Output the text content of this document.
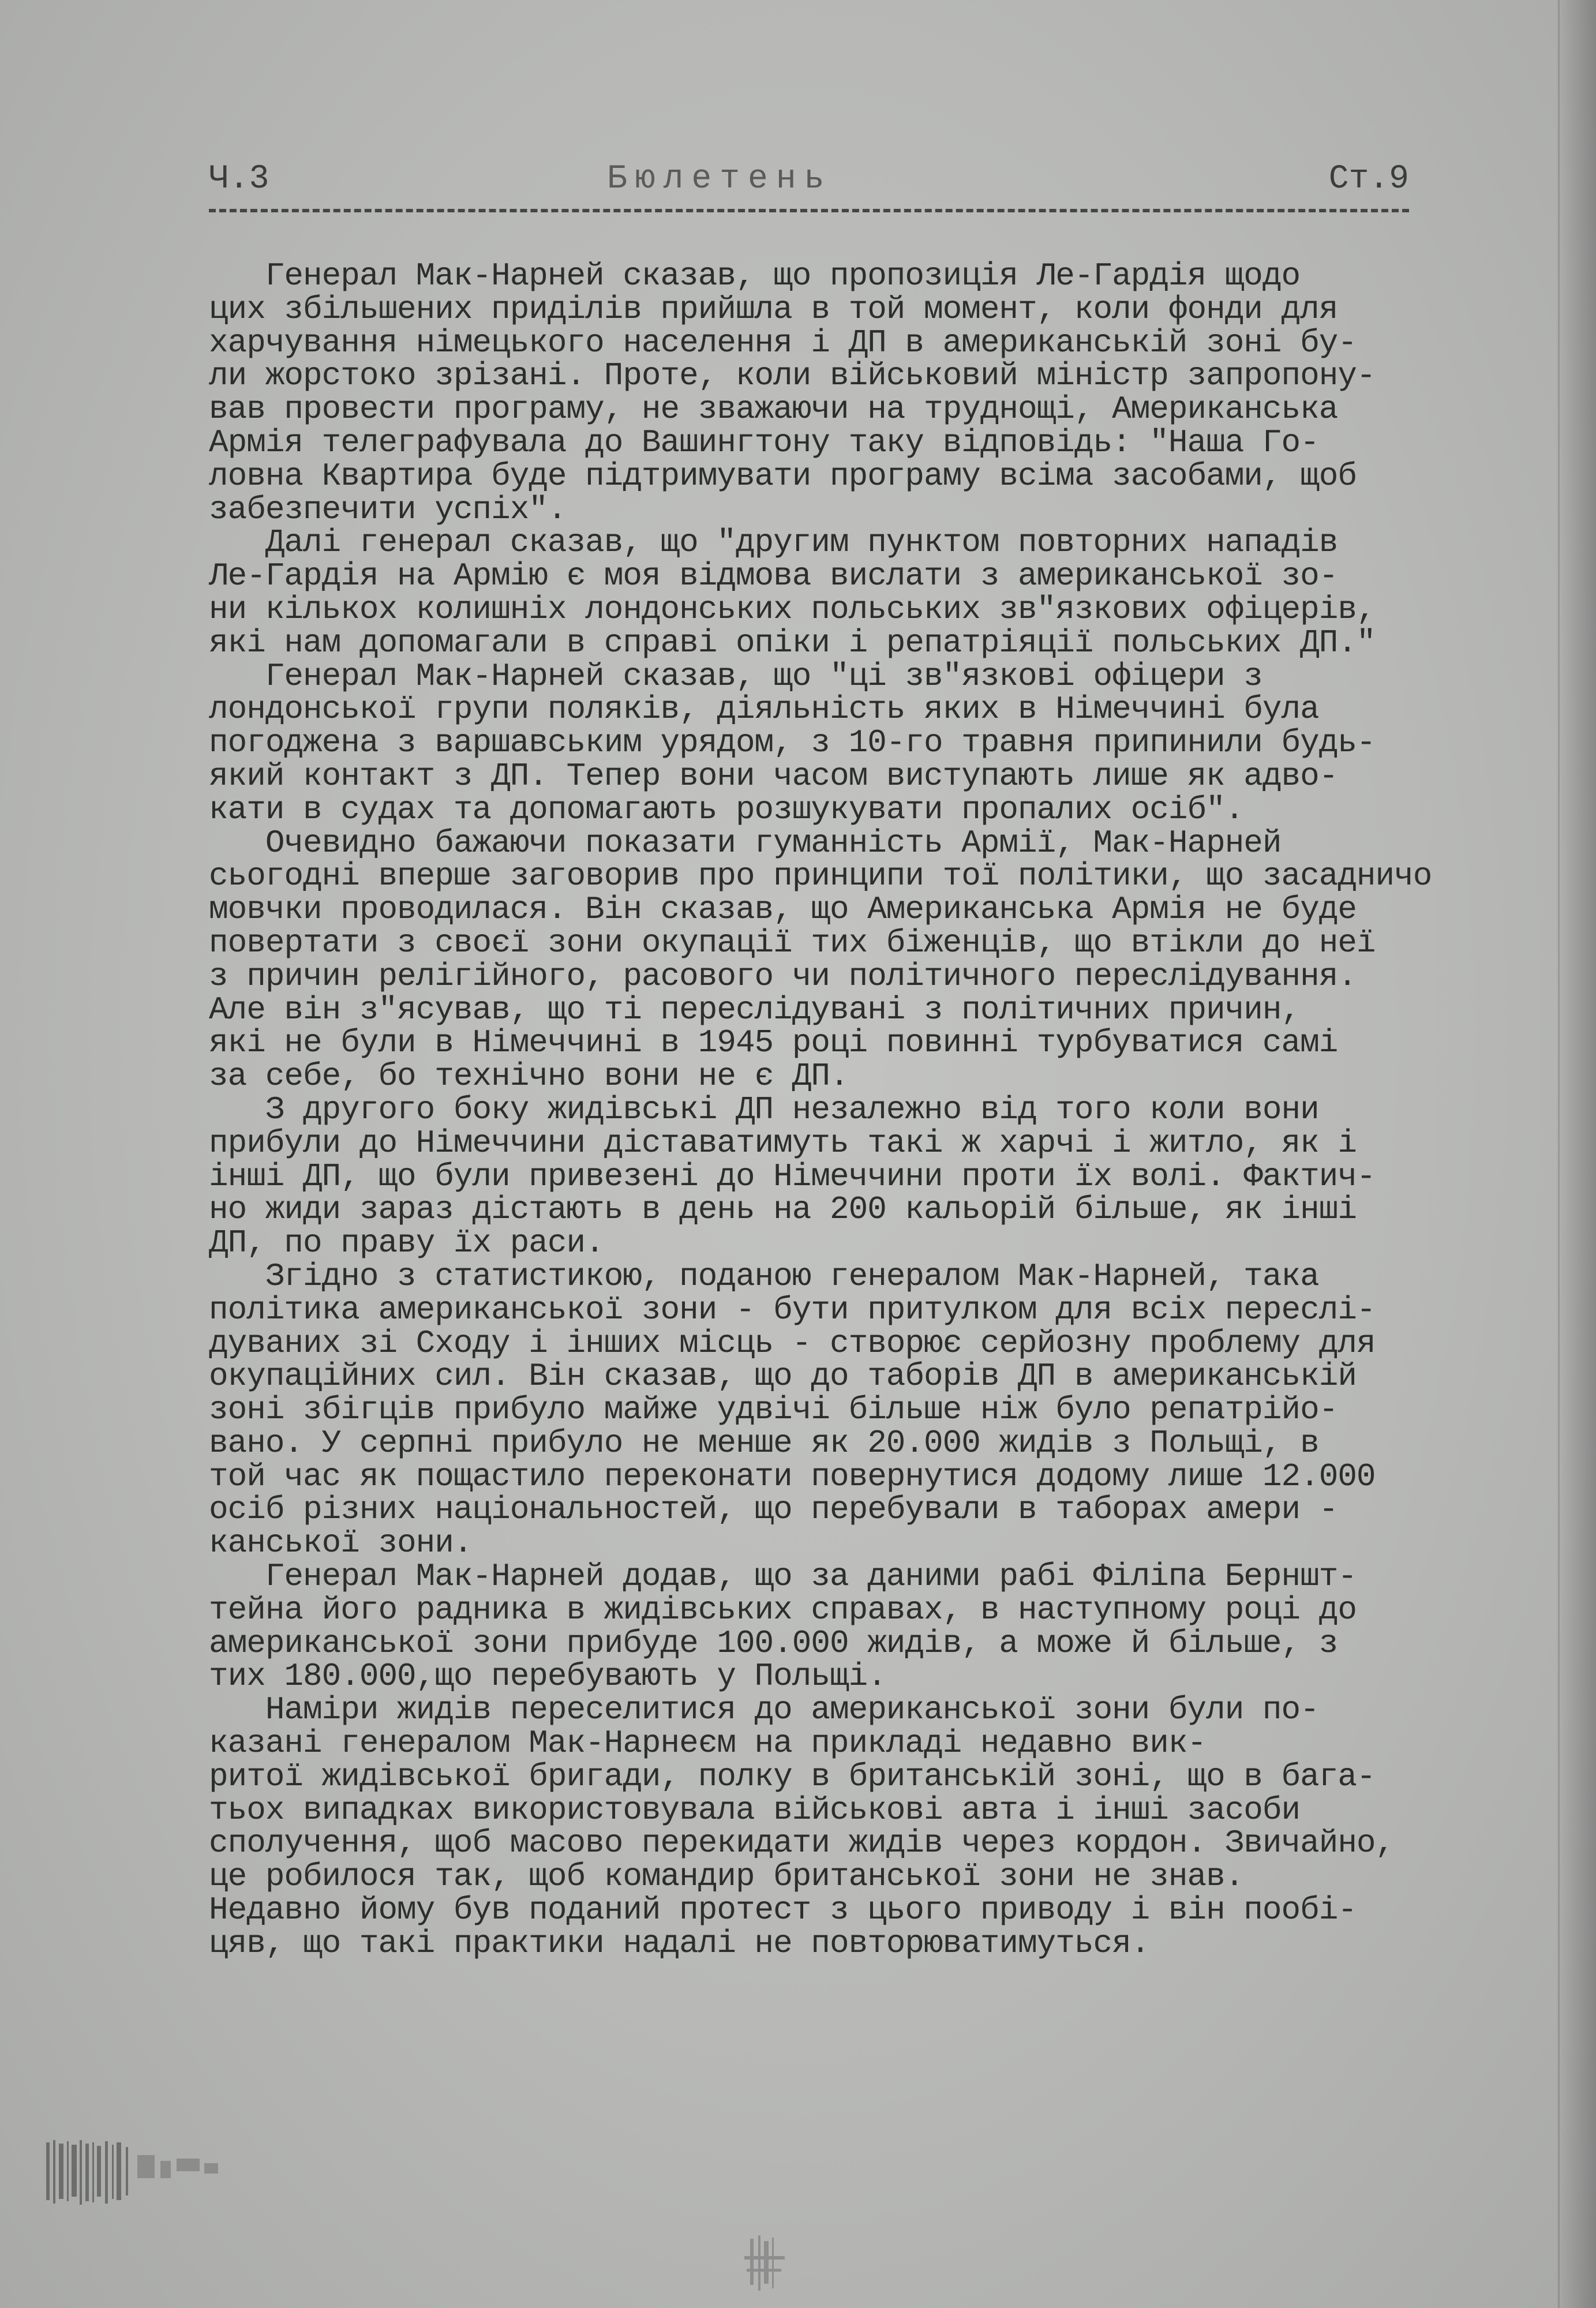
Ч.3	Бюлетень	Ст.9
Генерал Мак-Нарней сказав, що пропозиція Ле-Гардія щодо
цих збільшених приділів прийшла в той момент, коли фонди для
харчування німецького населення і ДП в американській зоні бу-
ли жорстоко зрізані. Проте, коли військовий міністр запропону-
вав провести програму, не зважаючи на труднощі, Американська
Армія телеграфувала до Вашингтону таку відповідь: "Наша Го-
ловна Квартира буде підтримувати програму всіма засобами, щоб
забезпечити успіх".
Далі генерал сказав, що "другим пунктом повторних нападів
Ле-Гардія на Армію є моя відмова вислати з американської зо-
ни кількох колишніх лондонських польських зв"язкових офіцерів,
які нам допомагали в справі опіки і репатріяції польських ДП."
Генерал Мак-Нарней сказав, що "ці зв"язкові офіцери з
лондонської групи поляків, діяльність яких в Німеччині була
погоджена з варшавським урядом, з 10-го травня припинили будь-
який контакт з ДП. Тепер вони часом виступають лише як адво-
кати в судах та допомагають розшукувати пропалих осіб".
Очевидно бажаючи показати гуманність Армії, Мак-Нарней
сьогодні вперше заговорив про принципи тої політики, що засадничо
мовчки проводилася. Він сказав, що Американська Армія не буде
повертати з своєї зони окупації тих біженців, що втікли до неї
з причин релігійного, расового чи політичного переслідування.
Але він з"ясував, що ті переслідувані з політичних причин,
які не були в Німеччині в 1945 році повинні турбуватися самі
за себе, бо технічно вони не є ДП.
З другого боку жидівські ДП незалежно від того коли вони
прибули до Німеччини діставатимуть такі ж харчі і житло, як і
інші ДП, що були привезені до Німеччини проти їх волі. Фактич-
но жиди зараз дістають в день на 200 кальорій більше, як інші
ДП, по праву їх раси.
Згідно з статистикою, поданою генералом Мак-Нарней, така
політика американської зони - бути притулком для всіх переслі-
дуваних зі Сходу і інших місць - створює серйозну проблему для
окупаційних сил. Він сказав, що до таборів ДП в американській
зоні збігців прибуло майже удвічі більше ніж було репатрійо-
вано. У серпні прибуло не менше як 20.000 жидів з Польщі, в
той час як пощастило переконати повернутися додому лише 12.000
осіб різних національностей, що перебували в таборах амери -
канської зони.
Генерал Мак-Нарней додав, що за даними рабі Філіпа Берншт-
тейна його радника в жидівських справах, в наступному році до
американської зони прибуде 100.000 жидів, а може й більше, з
тих 180.000,що перебувають у Польщі.
Наміри жидів переселитися до американської зони були по-
казані генералом Мак-Нарнеєм на прикладі недавно вик-
ритої жидівської бригади, полку в британській зоні, що в бага-
тьох випадках використовувала військові авта і інші засоби
сполучення, щоб масово перекидати жидів через кордон. Звичайно,
це робилося так, щоб командир британської зони не знав.
Недавно йому був поданий протест з цього приводу і він пообі-
цяв, що такі практики надалі не повторюватимуться.
